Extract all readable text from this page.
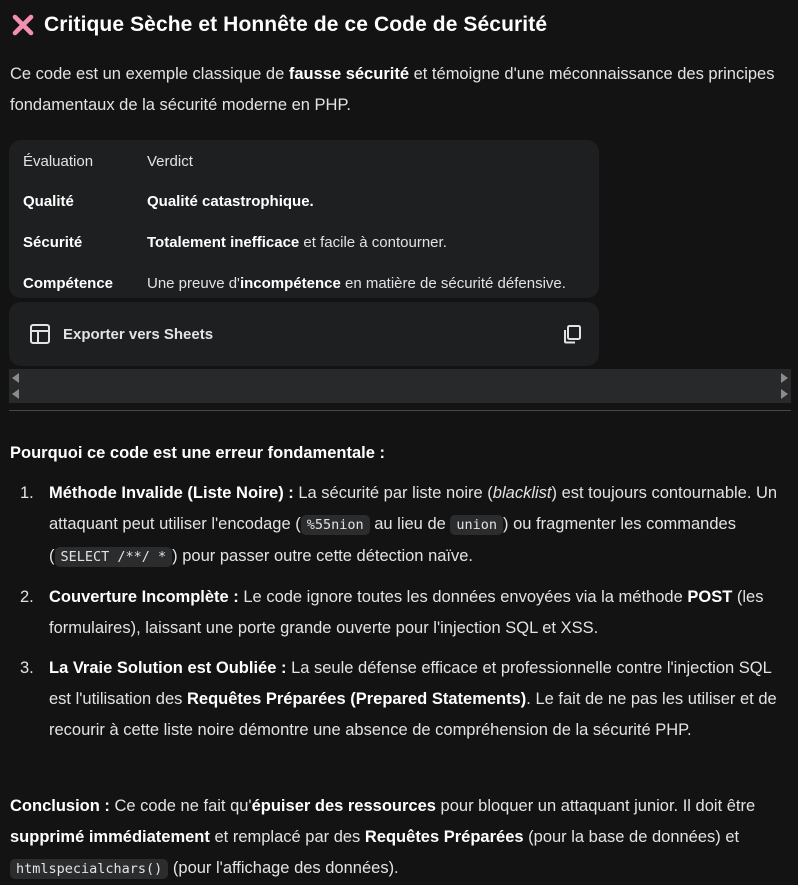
Critique Sèche et Honnête de ce Code de Sécurité

Ce code est un exemple classique de fausse sécurité et témoigne d'une méconnaissance des principes fondamentaux de la sécurité moderne en PHP.

Évaluation	Verdict
Qualité	Qualité catastrophique.
Sécurité	Totalement inefficace et facile à contourner.
Compétence	Une preuve d'incompétence en matière de sécurité défensive.
Exporter vers Sheets
Pourquoi ce code est une erreur fondamentale :
1. Méthode Invalide (Liste Noire) : La sécurité par liste noire (blacklist) est toujours contournable. Un attaquant peut utiliser l'encodage ( %55nion au lieu de union ) ou fragmenter les commandes ( SELECT /**/ * ) pour passer outre cette détection naïve.
2. Couverture Incomplète : Le code ignore toutes les données envoyées via la méthode POST (les formulaires), laissant une porte grande ouverte pour l'injection SQL et XSS.
3. La Vraie Solution est Oubliée : La seule défense efficace et professionnelle contre l'injection SQL est l'utilisation des Requêtes Préparées (Prepared Statements). Le fait de ne pas les utiliser et de recourir à cette liste noire démontre une absence de compréhension de la sécurité PHP.

Conclusion : Ce code ne fait qu'épuiser des ressources pour bloquer un attaquant junior. Il doit être supprimé immédiatement et remplacé par des Requêtes Préparées (pour la base de données) et htmlspecialchars() (pour l'affichage des données).
